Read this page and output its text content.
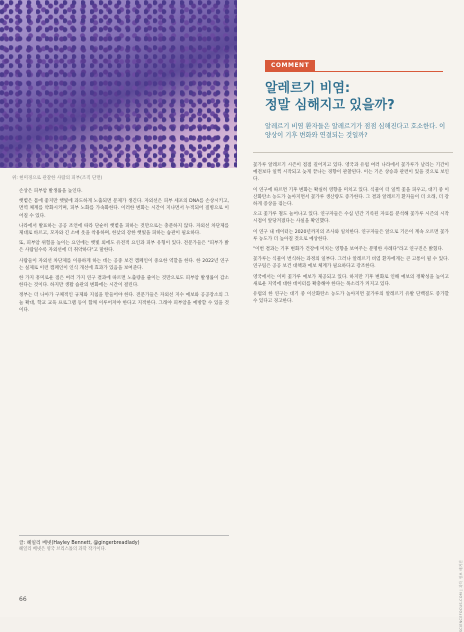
위: 현미경으로 관찰한 사람의 피부(조직 단면)
COMMENT
알레르기 비염:
정말 심해지고 있을까?
알레르기 비염 환자들은 알레르기가 점점 심해진다고 호소한다. 이 양상이 기후 변화와 연결되는 것일까?

손상은 피부암 발생률을 높인다.

햇볕은 몸에 좋지만 햇빛에 과도하게 노출되면 문제가 생긴다. 자외선은 피부 세포의 DNA를 손상시키고, 면역 체계를 약화시키며, 피부 노화를 가속화한다. 이러한 변화는 시간이 지나면서 누적되어 질병으로 이어질 수 있다.

나라에서 발표하는 공공 조언에 따라 단순히 햇볕을 피하는 것만으로는 충분하지 않다. 자외선 차단제를 제대로 바르고, 모자와 긴 소매 옷을 착용하며, 한낮의 강한 햇빛을 피하는 습관이 필요하다.

또, 피부암 위험을 높이는 요인에는 햇빛 외에도 유전적 요인과 피부 유형이 있다. 전문가들은 "피부가 밝은 사람일수록 자외선에 더 취약하다"고 말한다.

사람들이 자외선 차단제를 이용하게 하는 데는 공중 보건 캠페인이 중요한 역할을 한다. 한 2022년 연구는 실제로 이런 캠페인이 인식 개선에 효과가 있음을 보여준다.

한 가지 흥미로운 점은 여러 가지 연구 결과에 따르면 노출량을 줄이는 것만으로도 피부암 발생률이 감소한다는 것이다. 하지만 생활 습관의 변화에는 시간이 걸린다.

정부는 더 나아가 구체적인 규제와 지침을 만들어야 한다. 전문가들은 자외선 지수 예보와 공공장소의 그늘 확대, 학교 교육 프로그램 등이 함께 이루어져야 한다고 지적한다. 그래야 피부암을 예방할 수 있을 것이다.

글: 헤일리 베넷(Hayley Bennett, @gingerbreadlady)
헤일리 베넷은 영국 브리스톨의 과학 작가이다.

꽃가루 알레르기 시즌이 점점 길어지고 있다. 영국과 유럽 여러 나라에서 꽃가루가 날리는 기간이 예전보다 일찍 시작되고 늦게 끝나는 경향이 관찰된다. 이는 기온 상승과 관련이 있을 것으로 보인다.

이 연구에 따르면 기후 변화는 확실히 영향을 미치고 있다. 식물이 더 일찍 꽃을 피우고, 대기 중 이산화탄소 농도가 높아지면서 꽃가루 생산량도 증가한다. 그 결과 알레르기 환자들이 더 오래, 더 강하게 증상을 겪는다.

오크 꽃가루 철도 늘어나고 있다. 연구자들은 수십 년간 기록된 자료를 분석해 꽃가루 시즌의 시작 시점이 앞당겨졌다는 사실을 확인했다.

이 연구 내 데이터는 2020년까지의 조사와 일치한다. 연구자들은 앞으로 기온이 계속 오르면 꽃가루 농도가 더 높아질 것으로 예상한다.

"이번 결과는 기후 변화가 건강에 미치는 영향을 보여주는 분명한 사례다"라고 연구진은 밝혔다.

꽃가루는 식물이 번식하는 과정의 일부다. 그러나 알레르기 비염 환자에게는 큰 고통이 될 수 있다. 연구팀은 공공 보건 대책과 예보 체계가 필요하다고 강조한다.

영국에서는 이미 꽃가루 예보가 제공되고 있다. 하지만 기후 변화로 인해 예보의 정확성을 높이고 새로운 지역에 대한 데이터를 확충해야 한다는 목소리가 커지고 있다.

유럽의 한 연구는 대기 중 이산화탄소 농도가 높아지면 꽃가루의 알레르기 유발 단백질도 증가할 수 있다고 경고한다.

66	SCIENCEFOCUS.COM | 과학 정보 매거진
